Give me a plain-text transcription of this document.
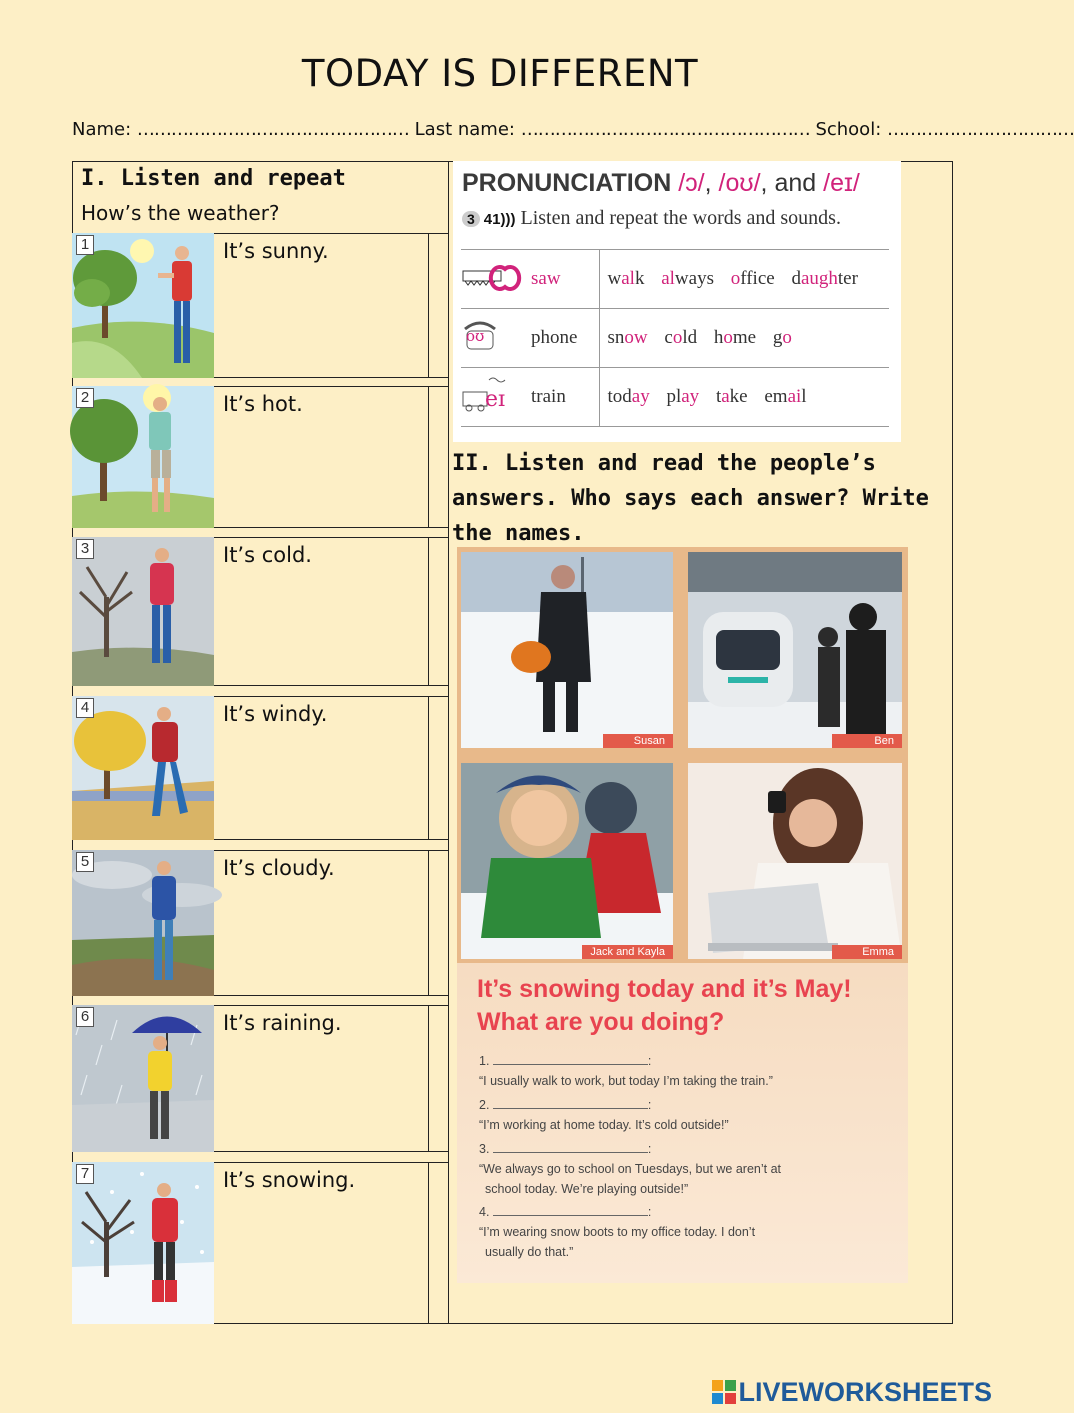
TODAY IS DIFFERENT
Name: ………………………………………… Last name: …………………………………………… School: ……………………………
I. Listen and repeat
How’s the weather?
1	It’s sunny.
2	It’s hot.
3	It’s cold.
4	It’s windy.
5	It’s cloudy.
6	It’s raining.
7	It’s snowing.
PRONUNCIATION /ɔ/, /oʊ/, and /eɪ/
3 41))) Listen and repeat the words and sounds.
	saw	walk always office daughter

oʊ	phone	snow cold home go

eɪ	train	today play take email
II. Listen and read the people’s answers. Who says each answer? Write the names.
Susan	Ben
Jack and Kayla	Emma
It’s snowing today and it’s May!
What are you doing?
1.	:
“I usually walk to work, but today I’m taking the train.”
2.	:
“I’m working at home today. It’s cold outside!”
3.	:
“We always go to school on Tuesdays, but we aren’t at
school today. We’re playing outside!”
4.	:
“I’m wearing snow boots to my office today. I don’t
usually do that.”
LIVEWORKSHEETS
